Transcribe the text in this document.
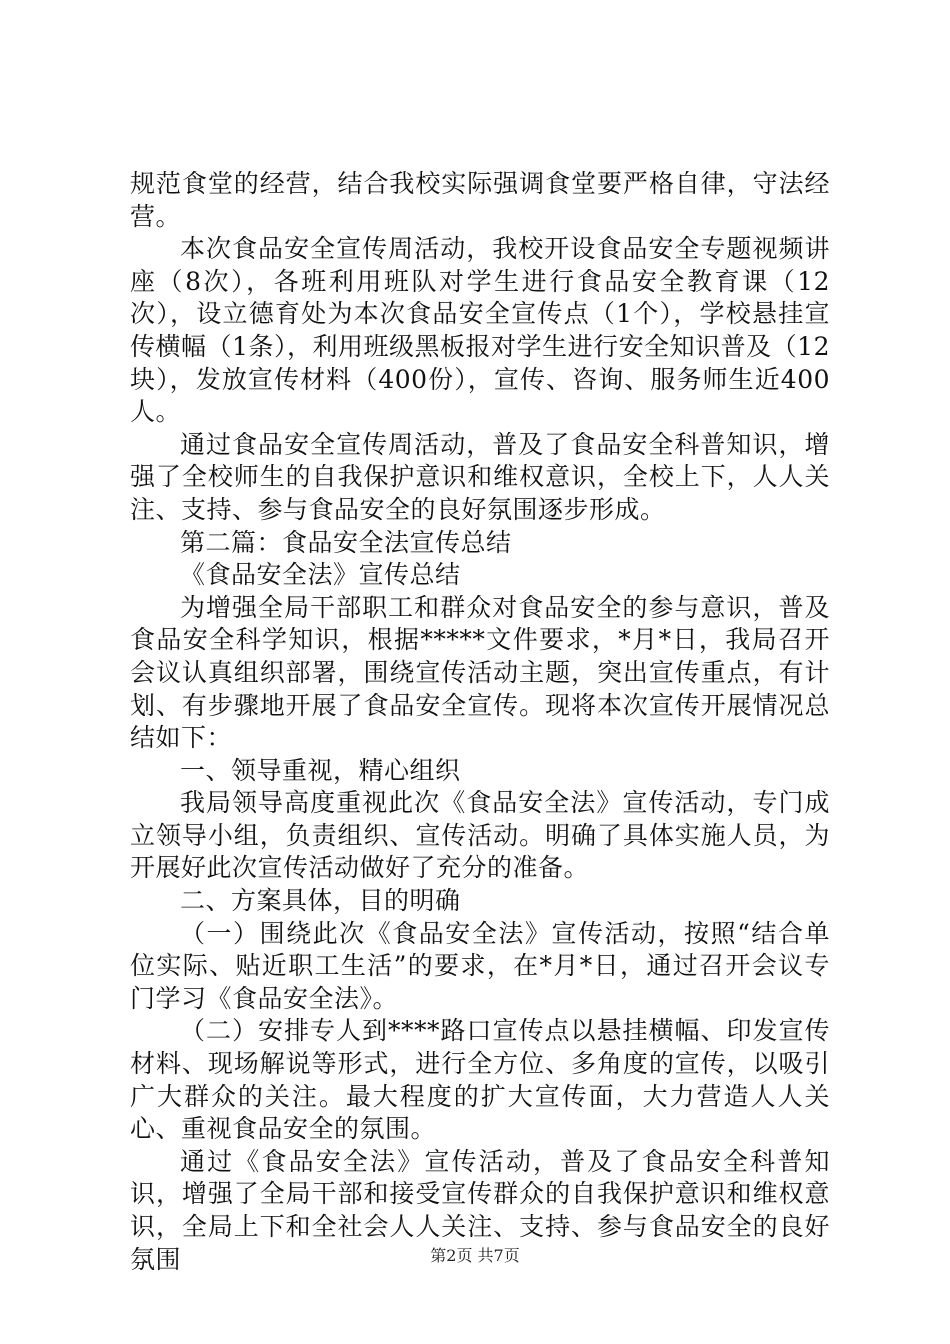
规范食堂的经营，结合我校实际强调食堂要严格自律，守法经营。

本次食品安全宣传周活动，我校开设食品安全专题视频讲座（8次），各班利用班队对学生进行食品安全教育课（12次），设立德育处为本次食品安全宣传点（1个），学校悬挂宣传横幅（1条），利用班级黑板报对学生进行安全知识普及（12块），发放宣传材料（400份），宣传、咨询、服务师生近400人。

通过食品安全宣传周活动，普及了食品安全科普知识，增强了全校师生的自我保护意识和维权意识，全校上下，人人关注、支持、参与食品安全的良好氛围逐步形成。

第二篇：食品安全法宣传总结

《食品安全法》宣传总结

为增强全局干部职工和群众对食品安全的参与意识，普及食品安全科学知识，根据*****文件要求，*月*日，我局召开会议认真组织部署，围绕宣传活动主题，突出宣传重点，有计划、有步骤地开展了食品安全宣传。现将本次宣传开展情况总结如下：

一、领导重视，精心组织

我局领导高度重视此次《食品安全法》宣传活动，专门成立领导小组，负责组织、宣传活动。明确了具体实施人员，为开展好此次宣传活动做好了充分的准备。

二、方案具体，目的明确

（一）围绕此次《食品安全法》宣传活动，按照“结合单位实际、贴近职工生活”的要求，在*月*日，通过召开会议专门学习《食品安全法》。

（二）安排专人到****路口宣传点以悬挂横幅、印发宣传材料、现场解说等形式，进行全方位、多角度的宣传，以吸引广大群众的关注。最大程度的扩大宣传面，大力营造人人关心、重视食品安全的氛围。

通过《食品安全法》宣传活动，普及了食品安全科普知识，增强了全局干部和接受宣传群众的自我保护意识和维权意识，全局上下和全社会人人关注、支持、参与食品安全的良好氛围	第2页 共7页
